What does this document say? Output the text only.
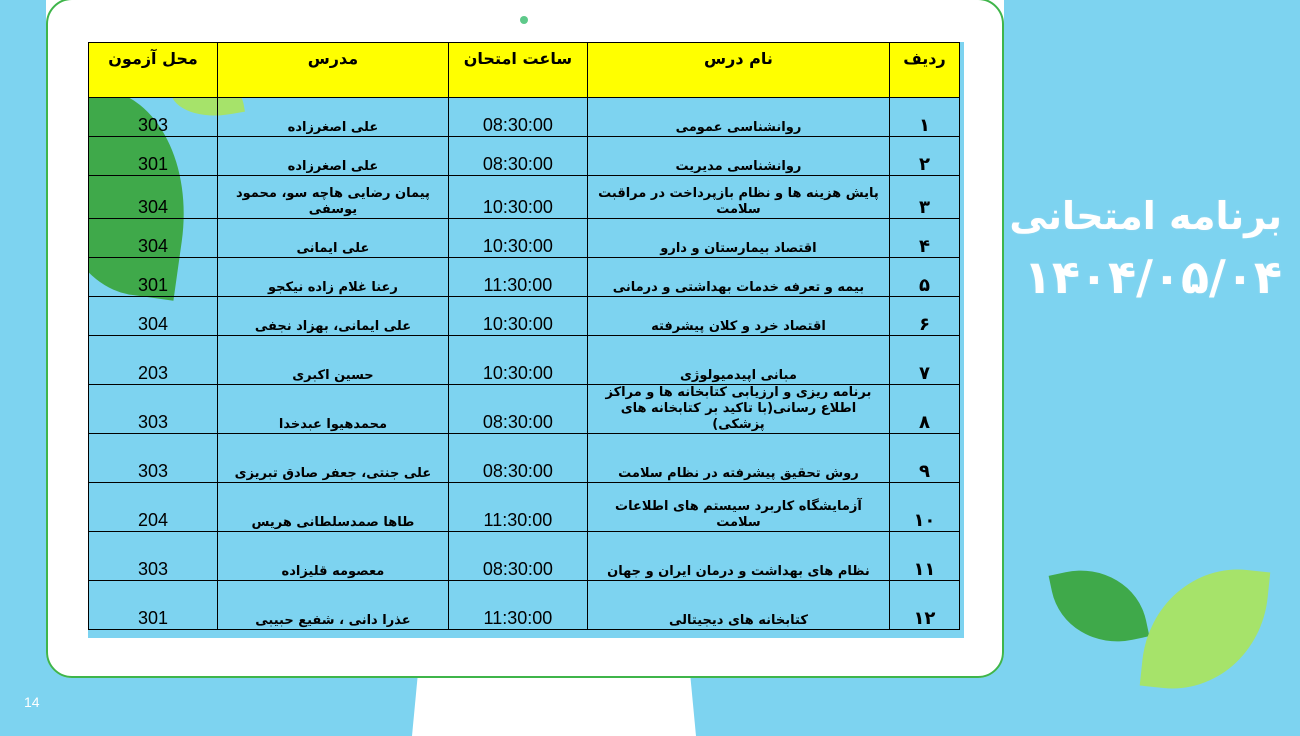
ردیف	نام درس	ساعت امتحان	مدرس	محل آزمون
۱	روانشناسی عمومی	08:30:00	علی اصغرزاده	303
۲	روانشناسی مدیریت	08:30:00	علی اصغرزاده	301
۳	پایش هزینه ها و نظام بازپرداخت در مراقبت سلامت	10:30:00	پیمان رضایی هاچه سو، محمود یوسفی	304
۴	اقتصاد بیمارستان و دارو	10:30:00	علی ایمانی	304
۵	بیمه و تعرفه خدمات بهداشتی و درمانی	11:30:00	رعنا غلام زاده نیکجو	301
۶	اقتصاد خرد و کلان پیشرفته	10:30:00	علی ایمانی، بهزاد نجفی	304
۷	مبانی اپیدمیولوژی	10:30:00	حسین اکبری	203
۸	برنامه ریزی و ارزیابی کتابخانه ها و مراکز اطلاع رسانی(با تاکید بر کتابخانه های پزشکی)	08:30:00	محمدهیوا عبدخدا	303
۹	روش تحقیق پیشرفته در نظام سلامت	08:30:00	علی جنتی، جعفر صادق تبریزی	303
۱۰	آزمایشگاه کاربرد سیستم های اطلاعات سلامت	11:30:00	طاها صمدسلطانی هریس	204
۱۱	نظام های بهداشت و درمان ایران و جهان	08:30:00	معصومه قلیزاده	303
۱۲	کتابخانه های دیجیتالی	11:30:00	عذرا دانی ، شفیع حبیبی	301
برنامه امتحانی
۱۴۰۴/۰۵/۰۴
14
